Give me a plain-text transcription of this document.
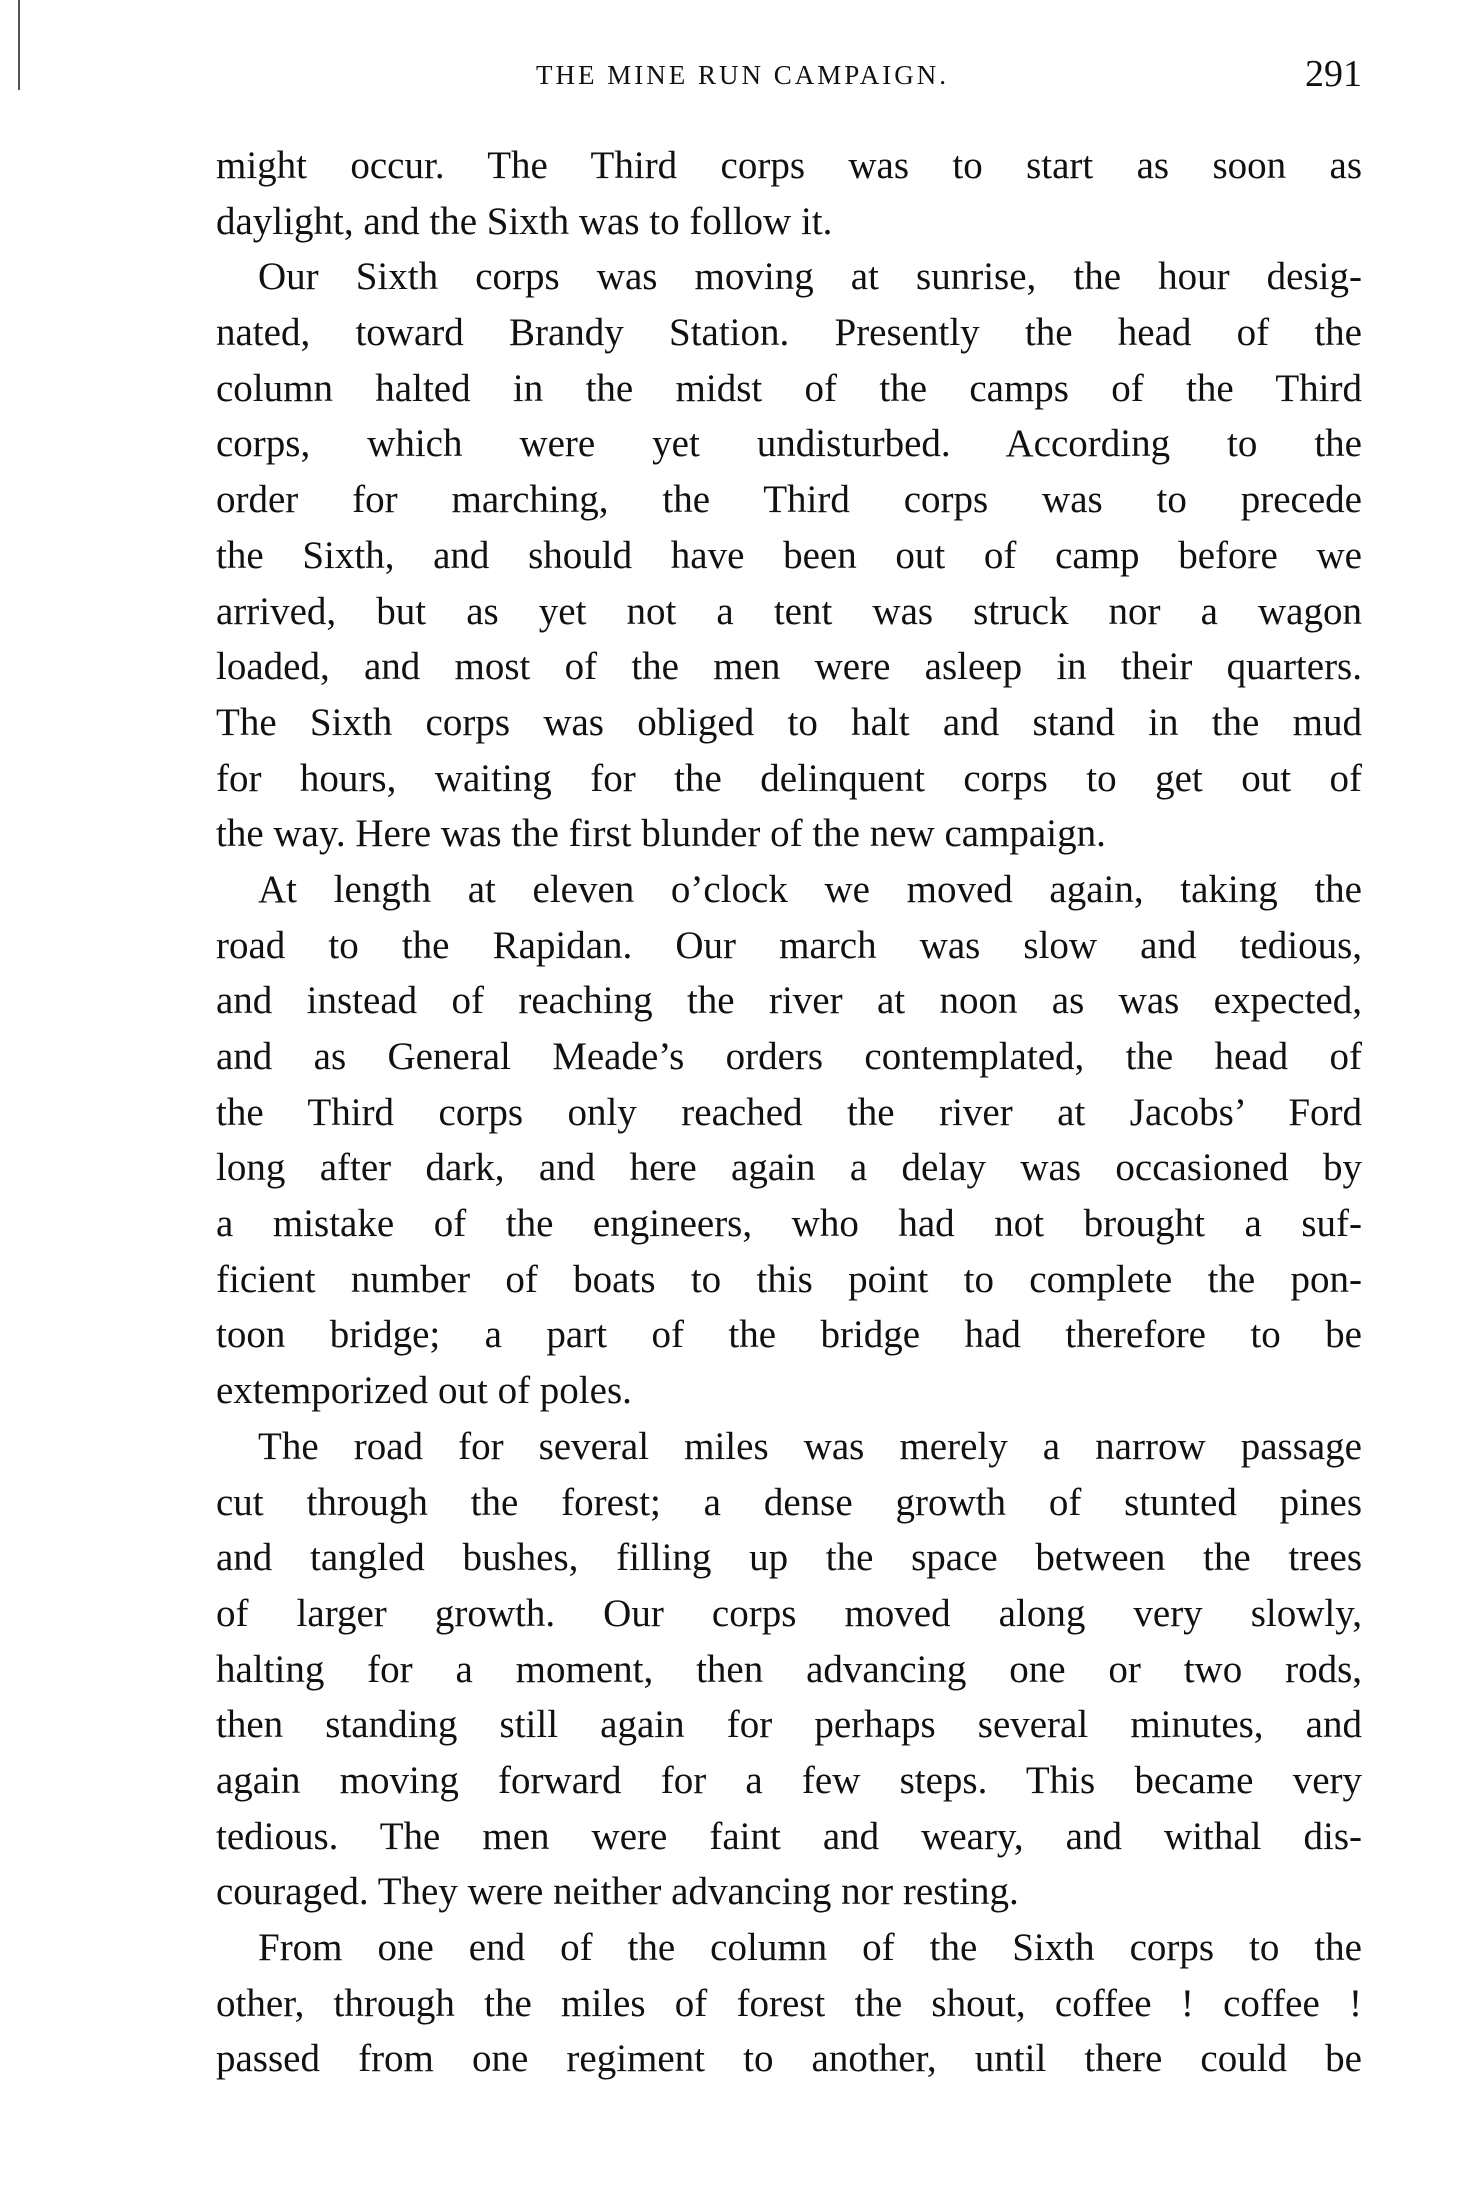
THE MINE RUN CAMPAIGN.	291
might occur. The Third corps was to start as soon as
daylight, and the Sixth was to follow it.
Our Sixth corps was moving at sunrise, the hour desig-
nated, toward Brandy Station. Presently the head of the
column halted in the midst of the camps of the Third
corps, which were yet undisturbed. According to the
order for marching, the Third corps was to precede
the Sixth, and should have been out of camp before we
arrived, but as yet not a tent was struck nor a wagon
loaded, and most of the men were asleep in their quarters.
The Sixth corps was obliged to halt and stand in the mud
for hours, waiting for the delinquent corps to get out of
the way. Here was the first blunder of the new campaign.
At length at eleven o’clock we moved again, taking the
road to the Rapidan. Our march was slow and tedious,
and instead of reaching the river at noon as was expected,
and as General Meade’s orders contemplated, the head of
the Third corps only reached the river at Jacobs’ Ford
long after dark, and here again a delay was occasioned by
a mistake of the engineers, who had not brought a suf-
ficient number of boats to this point to complete the pon-
toon bridge; a part of the bridge had therefore to be
extemporized out of poles.
The road for several miles was merely a narrow passage
cut through the forest; a dense growth of stunted pines
and tangled bushes, filling up the space between the trees
of larger growth. Our corps moved along very slowly,
halting for a moment, then advancing one or two rods,
then standing still again for perhaps several minutes, and
again moving forward for a few steps. This became very
tedious. The men were faint and weary, and withal dis-
couraged. They were neither advancing nor resting.
From one end of the column of the Sixth corps to the
other, through the miles of forest the shout, coffee ! coffee !
passed from one regiment to another, until there could be
